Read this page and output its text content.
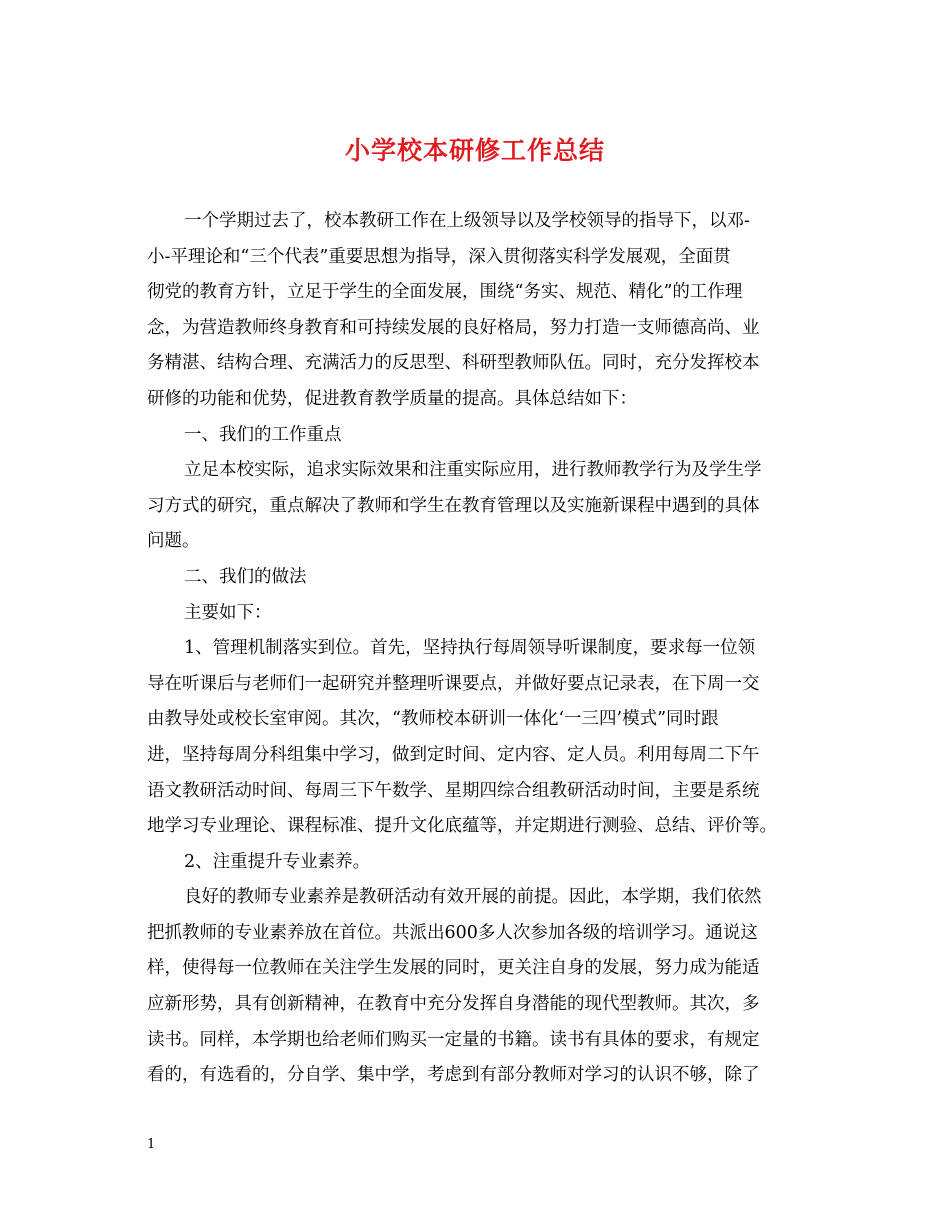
小学校本研修工作总结
一个学期过去了，校本教研工作在上级领导以及学校领导的指导下，以邓-
小-平理论和“三个代表”重要思想为指导，深入贯彻落实科学发展观，全面贯
彻党的教育方针，立足于学生的全面发展，围绕“务实、规范、精化”的工作理
念，为营造教师终身教育和可持续发展的良好格局，努力打造一支师德高尚、业
务精湛、结构合理、充满活力的反思型、科研型教师队伍。同时，充分发挥校本
研修的功能和优势，促进教育教学质量的提高。具体总结如下：
一、我们的工作重点
立足本校实际，追求实际效果和注重实际应用，进行教师教学行为及学生学
习方式的研究，重点解决了教师和学生在教育管理以及实施新课程中遇到的具体
问题。
二、我们的做法
主要如下：
1、管理机制落实到位。首先，坚持执行每周领导听课制度，要求每一位领
导在听课后与老师们一起研究并整理听课要点，并做好要点记录表，在下周一交
由教导处或校长室审阅。其次，“教师校本研训一体化‘一三四’模式”同时跟
进，坚持每周分科组集中学习，做到定时间、定内容、定人员。利用每周二下午
语文教研活动时间、每周三下午数学、星期四综合组教研活动时间，主要是系统
地学习专业理论、课程标准、提升文化底蕴等，并定期进行测验、总结、评价等。
2、注重提升专业素养。
良好的教师专业素养是教研活动有效开展的前提。因此，本学期，我们依然
把抓教师的专业素养放在首位。共派出600多人次参加各级的培训学习。通说这
样，使得每一位教师在关注学生发展的同时，更关注自身的发展，努力成为能适
应新形势，具有创新精神，在教育中充分发挥自身潜能的现代型教师。其次，多
读书。同样，本学期也给老师们购买一定量的书籍。读书有具体的要求，有规定
看的，有选看的，分自学、集中学，考虑到有部分教师对学习的认识不够，除了
1
